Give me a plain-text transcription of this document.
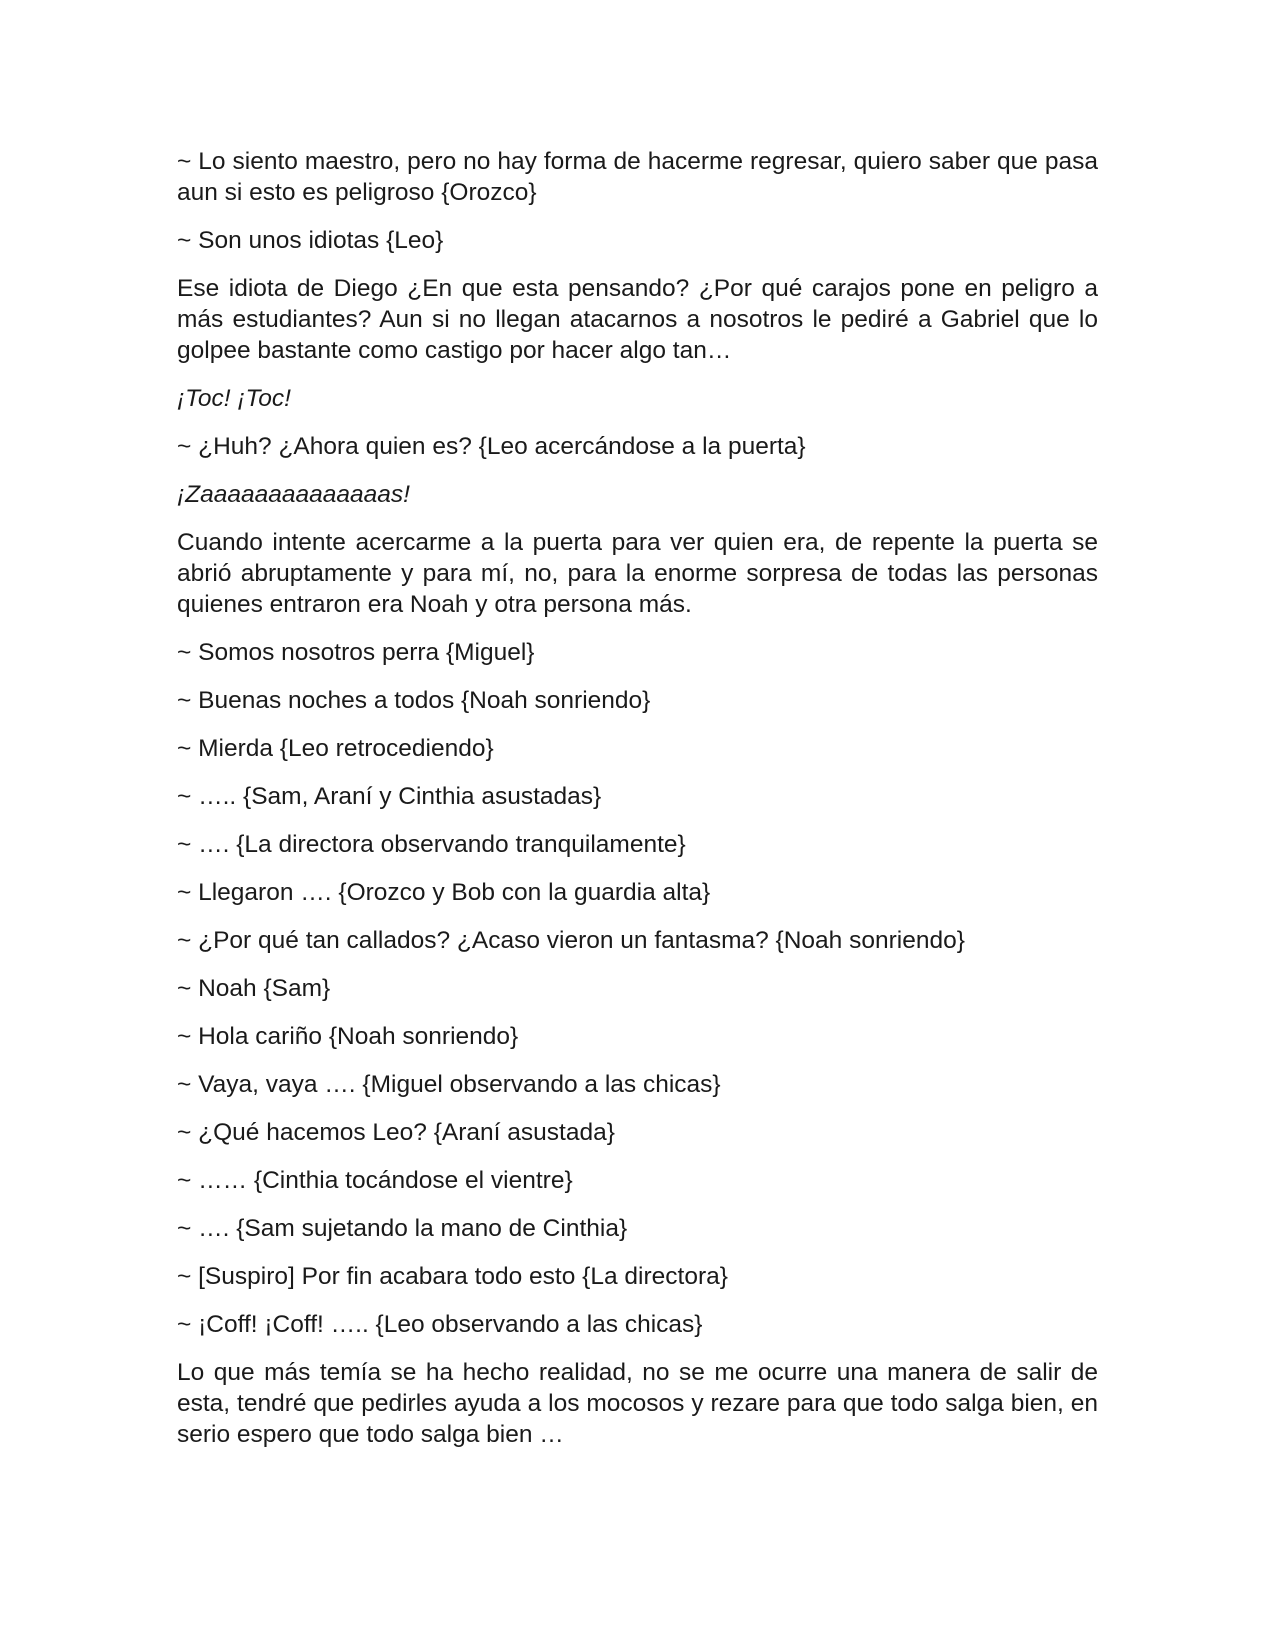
~ Lo siento maestro, pero no hay forma de hacerme regresar, quiero saber que pasa aun si esto es peligroso {Orozco}

~ Son unos idiotas {Leo}

Ese idiota de Diego ¿En que esta pensando? ¿Por qué carajos pone en peligro a más estudiantes? Aun si no llegan atacarnos a nosotros le pediré a Gabriel que lo golpee bastante como castigo por hacer algo tan…

¡Toc! ¡Toc!

~ ¿Huh? ¿Ahora quien es? {Leo acercándose a la puerta}

¡Zaaaaaaaaaaaaaas!

Cuando intente acercarme a la puerta para ver quien era, de repente la puerta se abrió abruptamente y para mí, no, para la enorme sorpresa de todas las personas quienes entraron era Noah y otra persona más.

~ Somos nosotros perra {Miguel}

~ Buenas noches a todos {Noah sonriendo}

~ Mierda {Leo retrocediendo}

~ ….. {Sam, Araní y Cinthia asustadas}

~ …. {La directora observando tranquilamente}

~ Llegaron …. {Orozco y Bob con la guardia alta}

~ ¿Por qué tan callados? ¿Acaso vieron un fantasma? {Noah sonriendo}

~ Noah {Sam}

~ Hola cariño {Noah sonriendo}

~ Vaya, vaya …. {Miguel observando a las chicas}

~ ¿Qué hacemos Leo? {Araní asustada}

~ …… {Cinthia tocándose el vientre}

~ …. {Sam sujetando la mano de Cinthia}

~ [Suspiro] Por fin acabara todo esto {La directora}

~ ¡Coff! ¡Coff! ….. {Leo observando a las chicas}

Lo que más temía se ha hecho realidad, no se me ocurre una manera de salir de esta, tendré que pedirles ayuda a los mocosos y rezare para que todo salga bien, en serio espero que todo salga bien …
